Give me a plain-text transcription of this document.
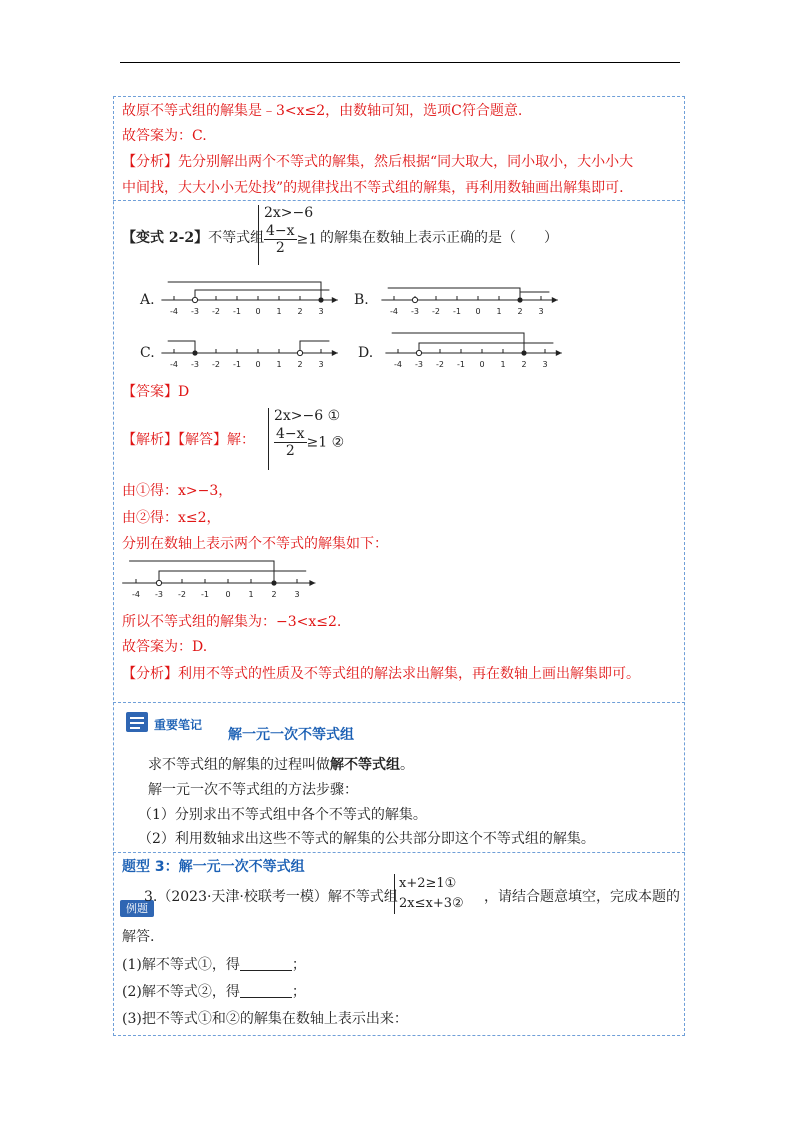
故原不等式组的解集是﹣3<x≤2，由数轴可知，选项C符合题意.
故答案为：C.
【分析】先分别解出两个不等式的解集，然后根据“同大取大，同小取小，大小小大
中间找，大大小小无处找”的规律找出不等式组的解集，再利用数轴画出解集即可.
【变式 2-2】不等式组
2x>−6
$\frac{4-x}{2} \ge 1$ 的解集在数轴上表示正确的是（　　）
A.
-4 -3 -2 -1 0 1 2 3	-4 -3 -2 -1 0 1 2 3
-4 -3 -2 -1 0 1 2 3	-4 -3 -2 -1 0 1 2 3
-4 -3 -2 -1 0 1 2 3
B.
C.	D.
【答案】D
【解析】【解答】解：
2x>−6 ①
$\frac{4-x}{2} \ge 1$ ②
由①得：x>−3，
由②得：x≤2，
分别在数轴上表示两个不等式的解集如下：
所以不等式组的解集为：−3<x≤2.
故答案为：D.
【分析】利用不等式的性质及不等式组的解法求出解集，再在数轴上画出解集即可。
重要笔记
解一元一次不等式组
求不等式组的解集的过程叫做解不等式组。
解一元一次不等式组的方法步骤：
（1）分别求出不等式组中各个不等式的解集。
（2）利用数轴求出这些不等式的解集的公共部分即这个不等式组的解集。
题型 3：解一元一次不等式组
例题
3.（2023·天津·校联考一模）解不等式组
x+2≥1①
2x≤x+3② ，请结合题意填空，完成本题的
解答.
(1)解不等式①，得	；
(2)解不等式②，得	；
(3)把不等式①和②的解集在数轴上表示出来：
